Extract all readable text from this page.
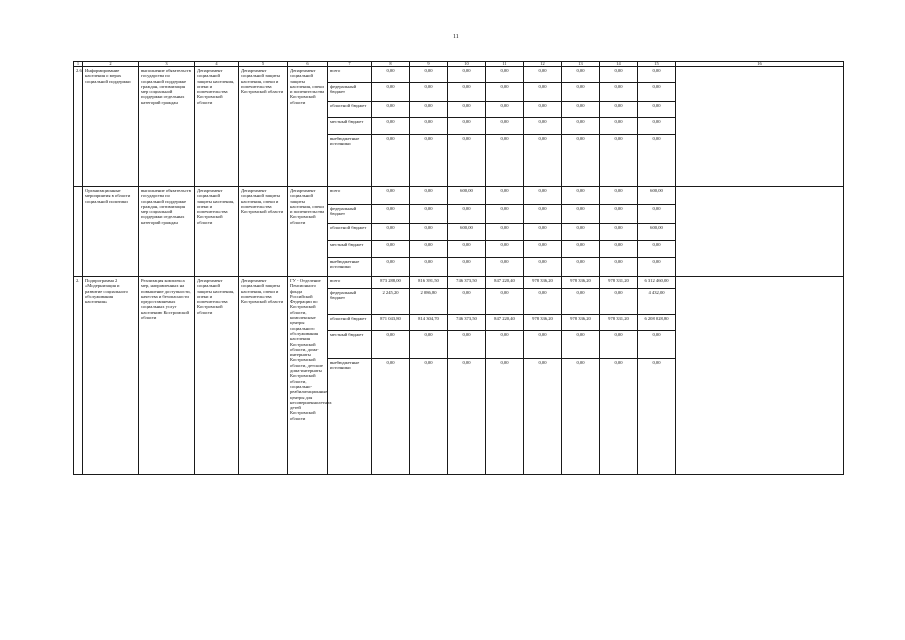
11
1	2	3	4	5	6	7	8	9	10	11	12	13	14	15	16
2.6	Информирование населения о мерах социальной поддержки	выполнение обязательств государства по социальной поддержке граждан, оптимизация мер социальной поддержки отдельных категорий граждан	Департамент социальной защиты населения, опеки и попечительства Костромской области	Департамент социальной защиты населения, опеки и попечительства Костромской области	Департамент социальной защиты населения, опеки и попечительства Костромской области	всего	0,00	0,00	0,00	0,00	0,00	0,00	0,00	0,00	
						федеральный бюджет	0,00	0,00	0,00	0,00	0,00	0,00	0,00	0,00	
						областной бюджет	0,00	0,00	0,00	0,00	0,00	0,00	0,00	0,00	
						местный бюджет	0,00	0,00	0,00	0,00	0,00	0,00	0,00	0,00	
						внебюджетные источники	0,00	0,00	0,00	0,00	0,00	0,00	0,00	0,00	
	Организационные мероприятия в области социальной политики	выполнение обязательств государства по социальной поддержке граждан, оптимизация мер социальной поддержки отдельных категорий граждан	Департамент социальной защиты населения, опеки и попечительства Костромской области	Департамент социальной защиты населения, опеки и попечительства Костромской области	Департамент социальной защиты населения, опеки и попечительства Костромской области	всего	0,00	0,00	600,00	0,00	0,00	0,00	0,00	600,00	
						федеральный бюджет	0,00	0,00	0,00	0,00	0,00	0,00	0,00	0,00	
						областной бюджет	0,00	0,00	600,00	0,00	0,00	0,00	0,00	600,00	
						местный бюджет	0,00	0,00	0,00	0,00	0,00	0,00	0,00	0,00	
						внебюджетные источники	0,00	0,00	0,00	0,00	0,00	0,00	0,00	0,00	
2.	Подпрограмма 2 «Модернизация и развитие социального обслуживания населения»	Реализация комплекса мер, направленных на повышение доступности, качества и безопасности предоставляемых социальных услуг населению Костромской области	Департамент социальной защиты населения, опеки и попечительства Костромской области	Департамент социальной защиты населения, опеки и попечительства Костромской области	ГУ - Отделение Пенсионного фонда Российской Федерации по Костромской области, комплексные центры социального обслуживания населения Костромской области, дома-интернаты Костромской области, детские дома-интернаты Костромской области, социально-реабилитационные центры для несовершеннолетних детей Костромской области	всего	873 288,00	816 391,50	746 373,50	847 220,40	978 336,20	978 336,20	978 331,20	6 312 460,00	
						федеральный бюджет	2 245,20	2 086,80	0,00	0,00	0,00	0,00	0,00	4 432,00	
						областной бюджет	871 043,80	814 304,70	746 373,50	847 220,40	978 336,20	978 336,20	978 331,20	6 208 028,80	
						местный бюджет	0,00	0,00	0,00	0,00	0,00	0,00	0,00	0,00	
						внебюджетные источники	0,00	0,00	0,00	0,00	0,00	0,00	0,00	0,00	
